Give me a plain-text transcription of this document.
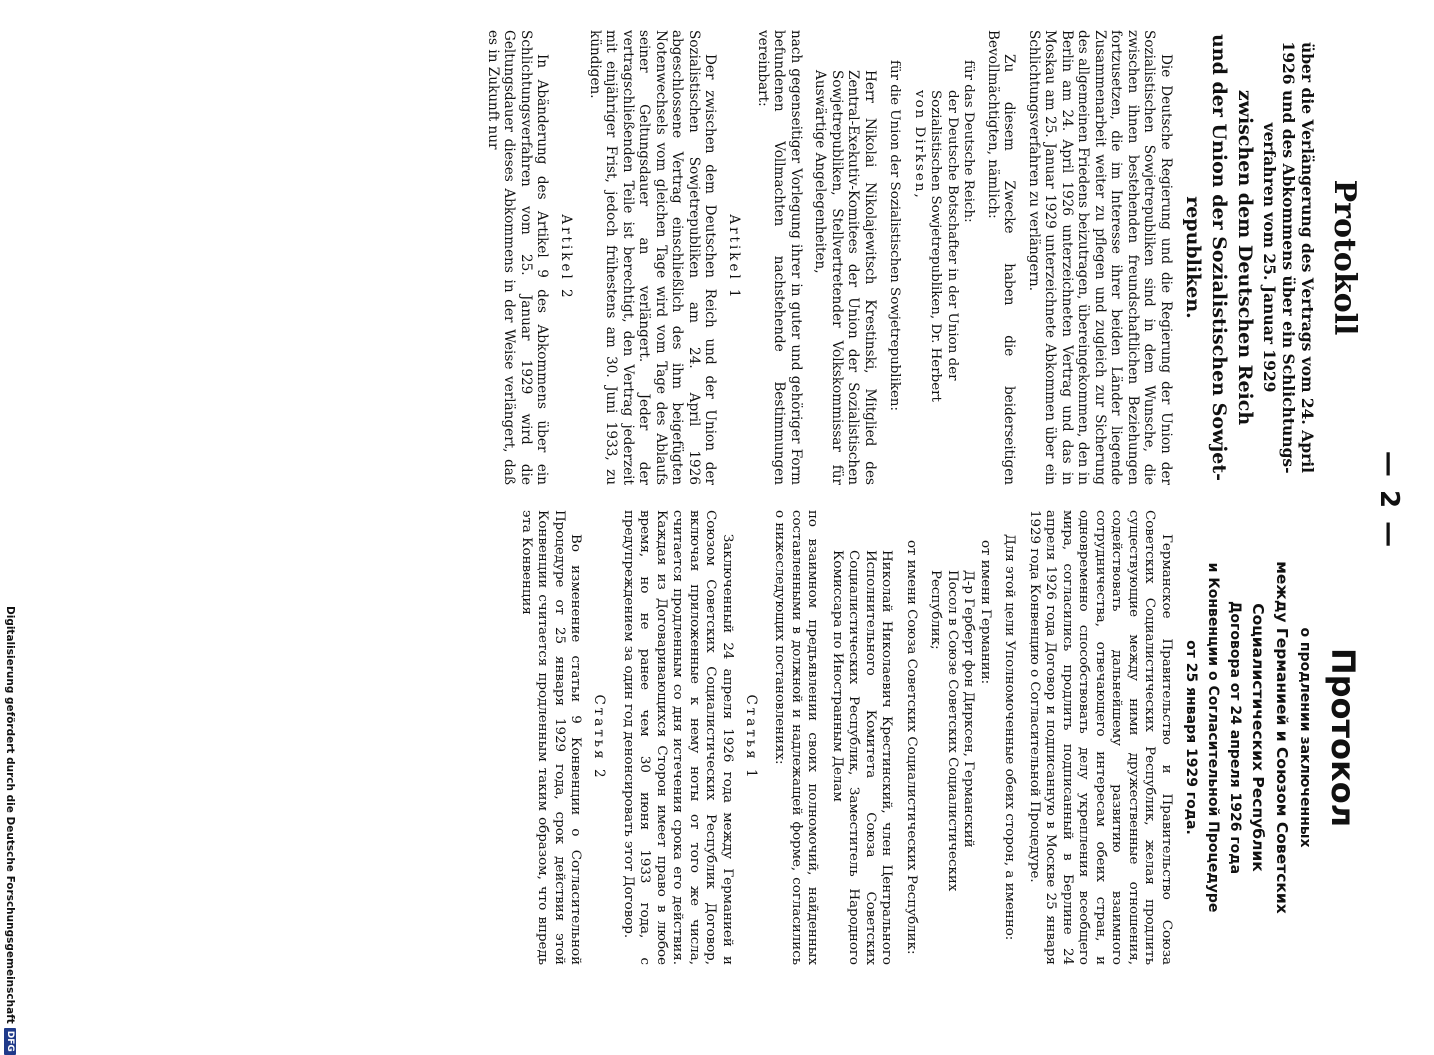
— 2 —
Protokoll
über die Verlängerung des Vertrags vom 24. April
1926 und des Abkommens über ein Schlichtungs-
verfahren vom 25. Januar 1929
zwischen dem Deutschen Reich
und der Union der Sozialistischen Sowjet-
republiken.

Die Deutsche Regierung und die Regierung der Union der Sozialistischen Sowjetrepubliken sind in dem Wunsche, die zwischen ihnen bestehenden freundschaftlichen Beziehungen fortzusetzen, die im Interesse ihrer beiden Länder liegende Zusammenarbeit weiter zu pflegen und zugleich zur Sicherung des allgemeinen Friedens beizutragen, übereingekommen, den in Berlin am 24. April 1926 unterzeichneten Vertrag und das in Moskau am 25. Januar 1929 unterzeichnete Abkommen über ein Schlichtungsverfahren zu verlängern.

Zu diesem Zwecke haben die beiderseitigen Bevollmächtigten, nämlich:

für das Deutsche Reich:
der Deutsche Botschafter in der Union der
Sozialistischen Sowjetrepubliken, Dr. Herbert
von Dirksen,
für die Union der Sozialistischen Sowjetrepubliken:

Herr Nikolai Nikolajewitsch Krestinski, Mitglied des Zentral-Exekutiv-Komitees der Union der Sozialistischen Sowjetrepubliken, Stellvertretender Volkskommissar für Auswärtige Angelegenheiten,

nach gegenseitiger Vorlegung ihrer in guter und gehöriger Form befundenen Vollmachten nachstehende Bestimmungen vereinbart:

Artikel 1

Der zwischen dem Deutschen Reich und der Union der Sozialistischen Sowjetrepubliken am 24. April 1926 abgeschlossene Vertrag einschließlich des ihm beigefügten Notenwechsels vom gleichen Tage wird vom Tage des Ablaufs seiner Geltungsdauer an verlängert. Jeder der vertragschließenden Teile ist berechtigt, den Vertrag jederzeit mit einjähriger Frist, jedoch frühestens am 30. Juni 1933, zu kündigen.

Artikel 2

In Abänderung des Artikel 9 des Abkommens über ein Schlichtungsverfahren vom 25. Januar 1929 wird die Geltungsdauer dieses Abkommens in der Weise verlängert, daß es in Zukunft nur

Протокол
о продлении заключенных
между Германией и Союзом Советских
Социалистических Республик
Договора от 24 апреля 1926 года
и Конвенции о Согласительной Процедуре
от 25 января 1929 года.

Германское Правительство и Правительство Союза Советских Социалистических Республик, желая продлить существующие между ними дружественные отношения, содействовать дальнейшему развитию взаимного сотрудничества, отвечающего интересам обеих стран, и одновременно способствовать делу укрепления всеобщего мира, согласились продлить подписанный в Берлине 24 апреля 1926 года Договор и подписанную в Москве 25 января 1929 года Конвенцию о Согласительной Процедуре.

Для этой цели Уполномоченные обеих сторон, а именно:

от имени Германии:
Д-р Герберт фон Дирксен, Германский
Посол в Союзе Советских Социалистических
Республик;
от имени Союза Советских Социалистических Республик:

Николай Николаевич Крестинский, член Центрального Исполнительного Комитета Союза Советских Социалистических Республик, Заместитель Народного Комиссара по Иностранным Делам

по взаимном предъявлении своих полномочий, найденных составленными в должной и надлежащей форме, согласились о нижеследующих постановлениях:

Статья 1

Заключенный 24 апреля 1926 года между Германией и Союзом Советских Социалистических Республик Договор, включая приложенные к нему ноты от того же числа, считается продленным со дня истечения срока его действия. Каждая из Договаривающихся Сторон имеет право в любое время, но не ранее чем 30 июня 1933 года, с предупреждением за один год денонсировать этот Договор.

Статья 2

Во изменение статьи 9 Конвенции о Согласительной Процедуре от 25 января 1929 года, срок действия этой Конвенции считается продленным таким образом, что впредь эта Конвенция

Digitalisierung gefördert durch die Deutsche Forschungsgemeinschaft
DFG
